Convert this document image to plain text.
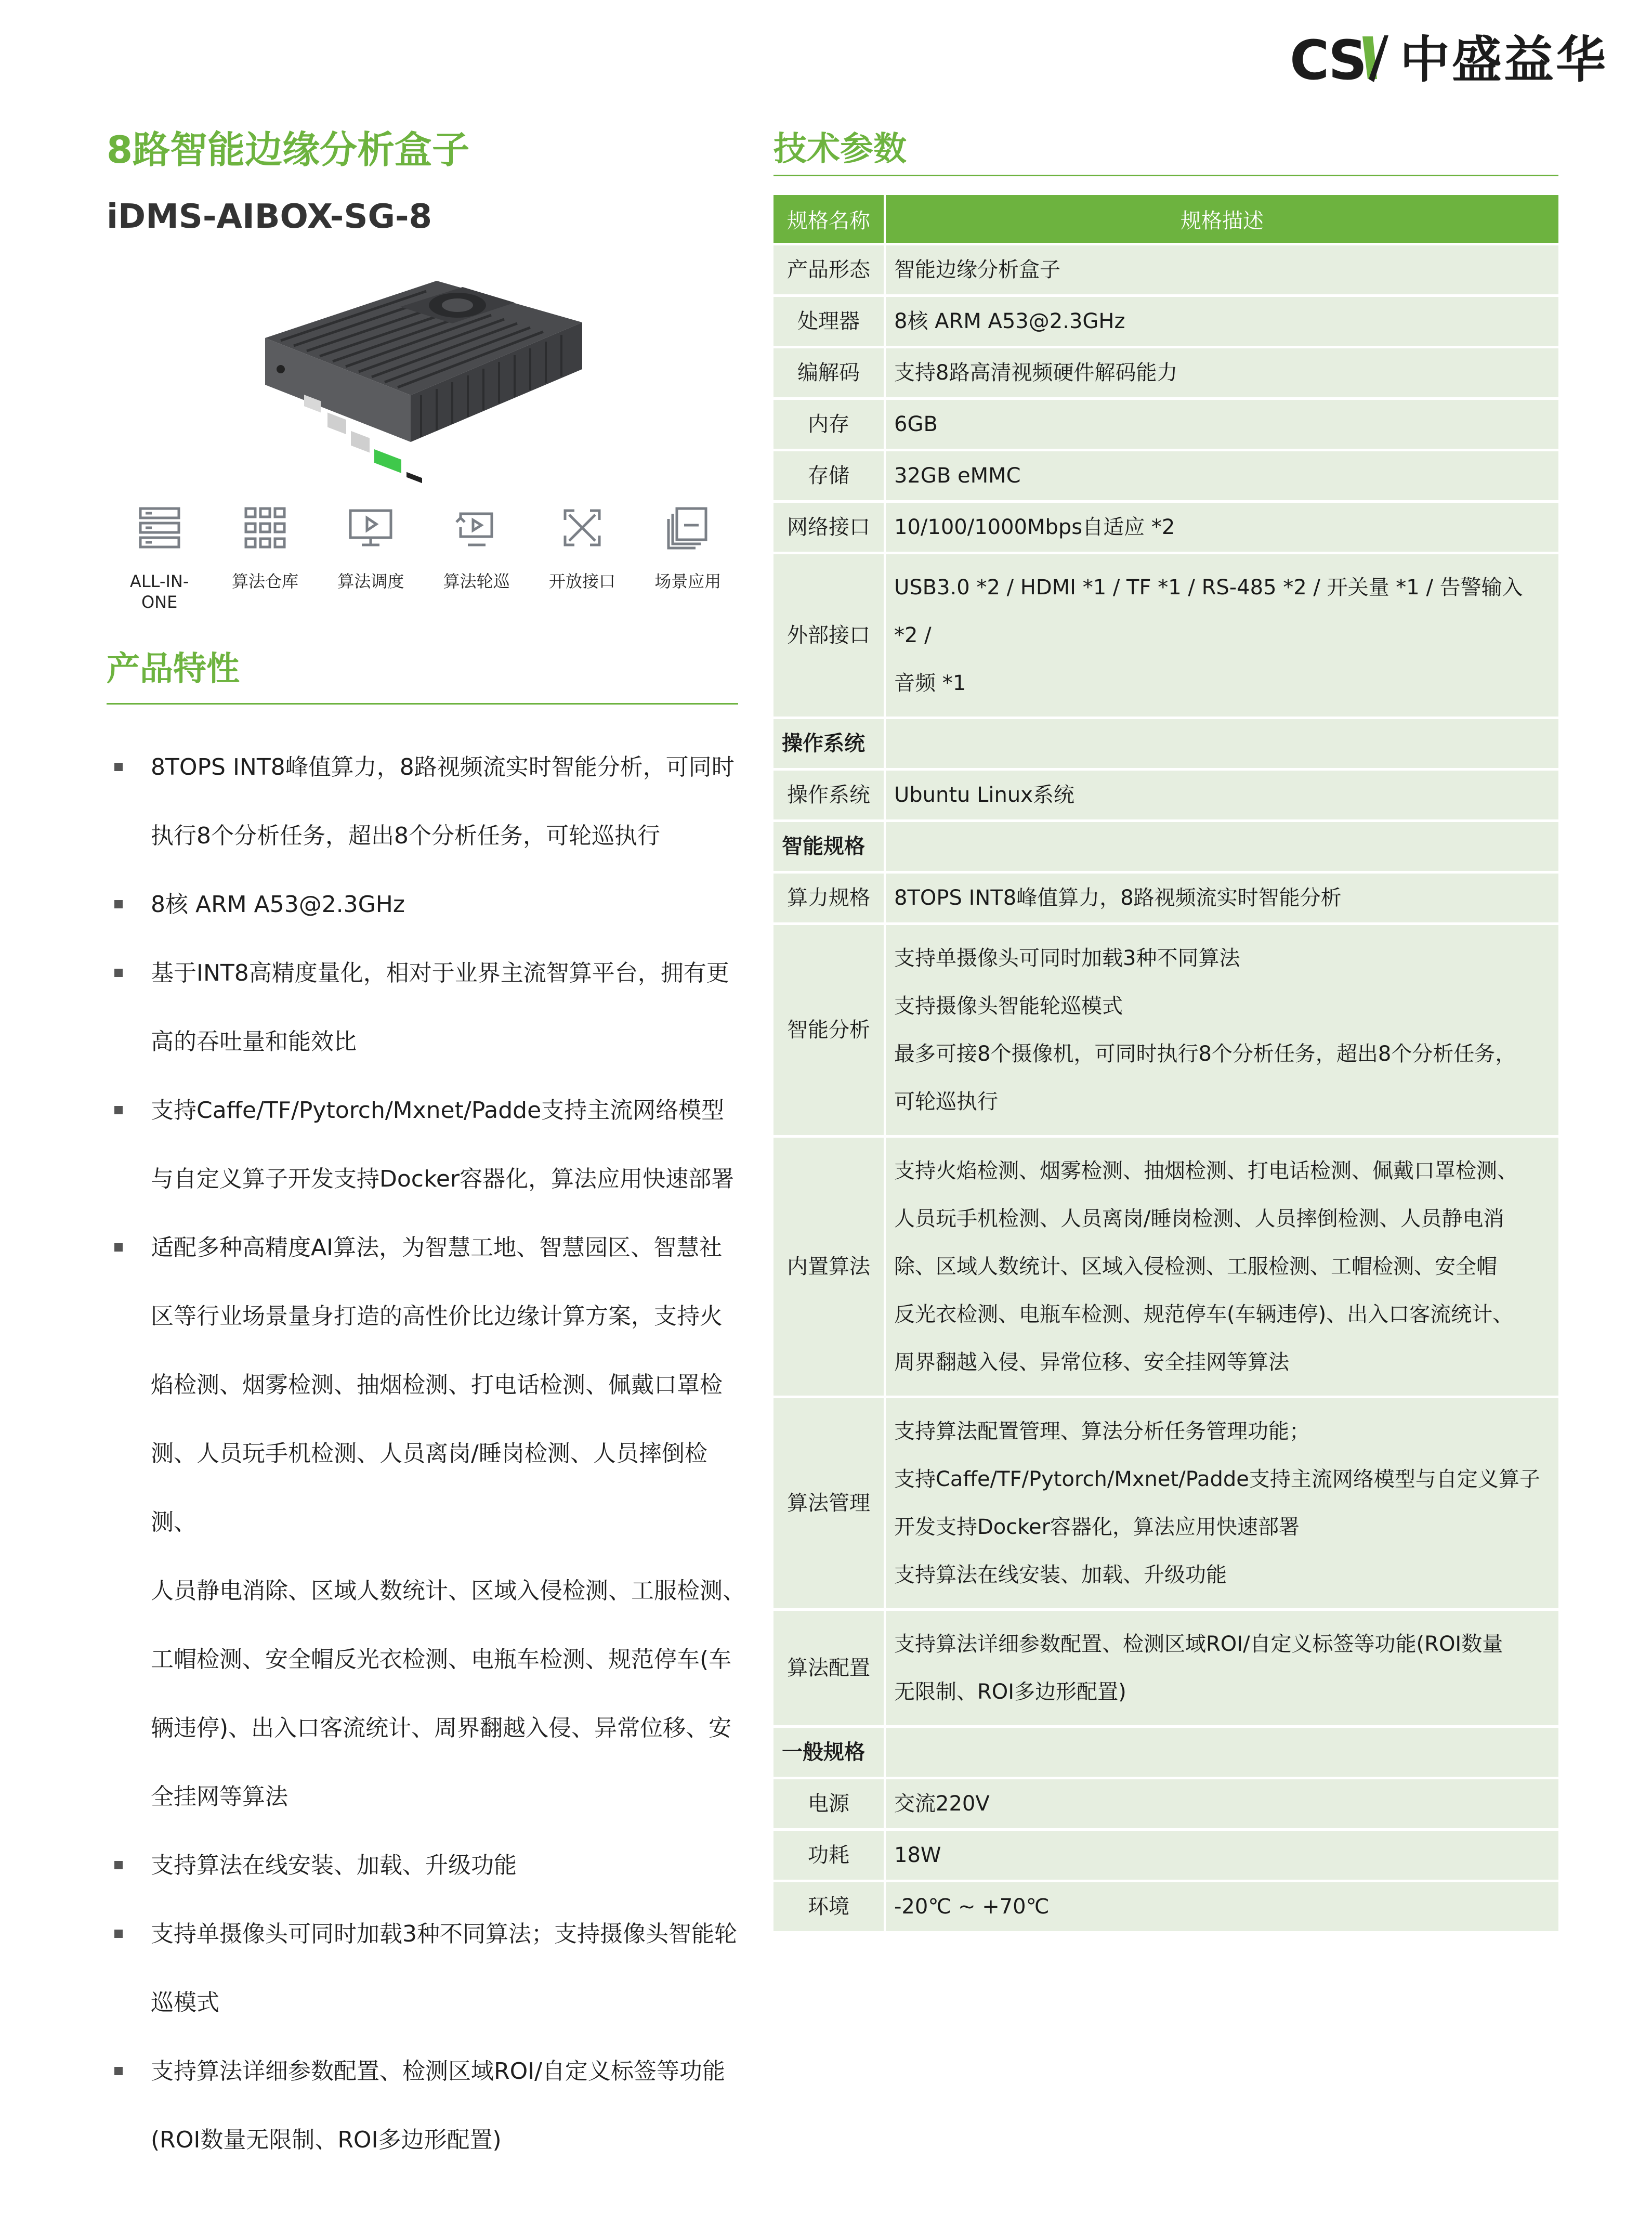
CS 中盛益华
8路智能边缘分析盒子
iDMS-AIBOX-SG-8
ALL-IN-ONE
算法仓库 算法调度 算法轮巡 开放接口 场景应用
产品特性
8TOPS INT8峰值算力，8路视频流实时智能分析，可同时
执行8个分析任务，超出8个分析任务，可轮巡执行
8核 ARM A53@2.3GHz
基于INT8高精度量化，相对于业界主流智算平台，拥有更
高的吞吐量和能效比
支持Caffe/TF/Pytorch/Mxnet/Padde支持主流网络模型
与自定义算子开发支持Docker容器化，算法应用快速部署
适配多种高精度AI算法，为智慧工地、智慧园区、智慧社
区等行业场景量身打造的高性价比边缘计算方案，支持火
焰检测、烟雾检测、抽烟检测、打电话检测、佩戴口罩检
测、人员玩手机检测、人员离岗/睡岗检测、人员摔倒检测、
人员静电消除、区域人数统计、区域入侵检测、工服检测、
工帽检测、安全帽反光衣检测、电瓶车检测、规范停车(车
辆违停)、出入口客流统计、周界翻越入侵、异常位移、安
全挂网等算法
支持算法在线安装、加载、升级功能
支持单摄像头可同时加载3种不同算法；支持摄像头智能轮
巡模式
支持算法详细参数配置、检测区域ROI/自定义标签等功能
(ROI数量无限制、ROI多边形配置)
技术参数
规格名称	规格描述
产品形态	智能边缘分析盒子

处理器	8核 ARM A53@2.3GHz

编解码	支持8路高清视频硬件解码能力

内存	6GB

存储	32GB eMMC

网络接口	10/100/1000Mbps自适应 *2

外部接口	USB3.0 *2 / HDMI *1 / TF *1 / RS-485 *2 / 开关量 *1 / 告警输入 *2 /
音频 *1

操作系统	
操作系统	Ubuntu Linux系统

智能规格	
算力规格	8TOPS INT8峰值算力，8路视频流实时智能分析

智能分析	支持单摄像头可同时加载3种不同算法
支持摄像头智能轮巡模式
最多可接8个摄像机，可同时执行8个分析任务，超出8个分析任务，
可轮巡执行

内置算法	支持火焰检测、烟雾检测、抽烟检测、打电话检测、佩戴口罩检测、
人员玩手机检测、人员离岗/睡岗检测、人员摔倒检测、人员静电消
除、区域人数统计、区域入侵检测、工服检测、工帽检测、安全帽
反光衣检测、电瓶车检测、规范停车(车辆违停)、出入口客流统计、
周界翻越入侵、异常位移、安全挂网等算法

算法管理	支持算法配置管理、算法分析任务管理功能；
支持Caffe/TF/Pytorch/Mxnet/Padde支持主流网络模型与自定义算子
开发支持Docker容器化，算法应用快速部署
支持算法在线安装、加载、升级功能

算法配置	支持算法详细参数配置、检测区域ROI/自定义标签等功能(ROI数量
无限制、ROI多边形配置)

一般规格	
电源	交流220V

功耗	18W

环境	-20℃ ~ +70℃
